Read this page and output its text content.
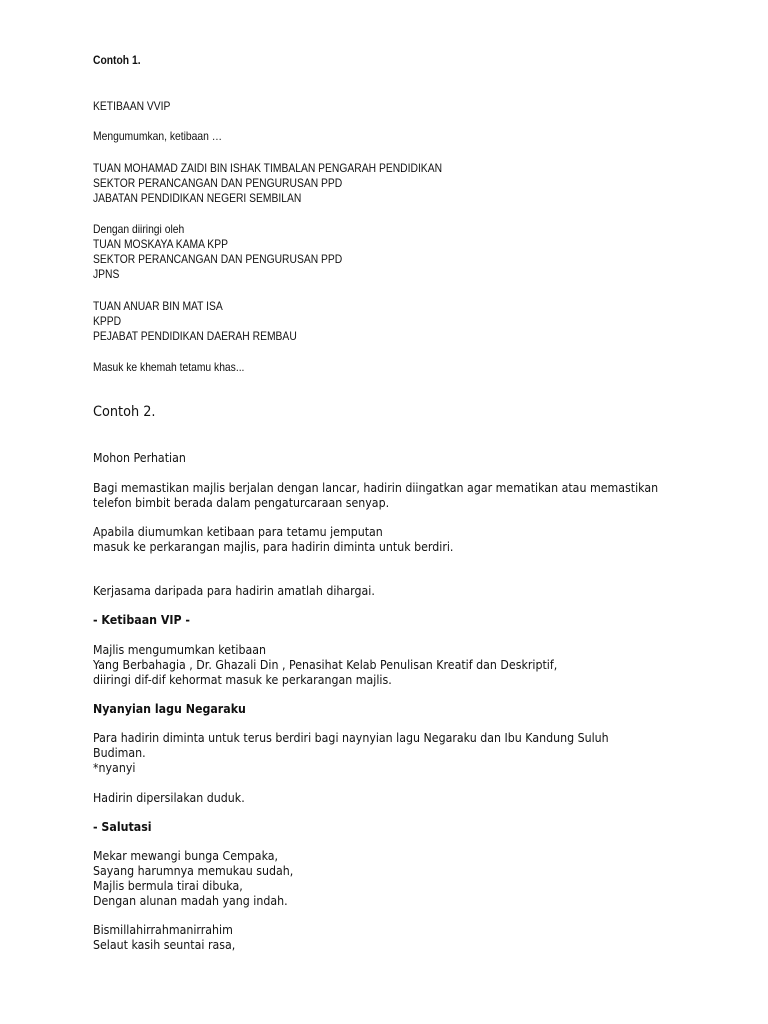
Contoh 1.
KETIBAAN VVIP
Mengumumkan, ketibaan …
TUAN MOHAMAD ZAIDI BIN ISHAK TIMBALAN PENGARAH PENDIDIKAN
SEKTOR PERANCANGAN DAN PENGURUSAN PPD
JABATAN PENDIDIKAN NEGERI SEMBILAN
Dengan diiringi oleh
TUAN MOSKAYA KAMA KPP
SEKTOR PERANCANGAN DAN PENGURUSAN PPD
JPNS
TUAN ANUAR BIN MAT ISA
KPPD
PEJABAT PENDIDIKAN DAERAH REMBAU
Masuk ke khemah tetamu khas...
Contoh 2.
Mohon Perhatian
Bagi memastikan majlis berjalan dengan lancar, hadirin diingatkan agar mematikan atau memastikan
telefon bimbit berada dalam pengaturcaraan senyap.
Apabila diumumkan ketibaan para tetamu jemputan
masuk ke perkarangan majlis, para hadirin diminta untuk berdiri.
Kerjasama daripada para hadirin amatlah dihargai.
- Ketibaan VIP -
Majlis mengumumkan ketibaan
Yang Berbahagia , Dr. Ghazali Din , Penasihat Kelab Penulisan Kreatif dan Deskriptif,
diiringi dif-dif kehormat masuk ke perkarangan majlis.
Nyanyian lagu Negaraku
Para hadirin diminta untuk terus berdiri bagi naynyian lagu Negaraku dan Ibu Kandung Suluh
Budiman.
*nyanyi
Hadirin dipersilakan duduk.
- Salutasi
Mekar mewangi bunga Cempaka,
Sayang harumnya memukau sudah,
Majlis bermula tirai dibuka,
Dengan alunan madah yang indah.
Bismillahirrahmanirrahim
Selaut kasih seuntai rasa,
